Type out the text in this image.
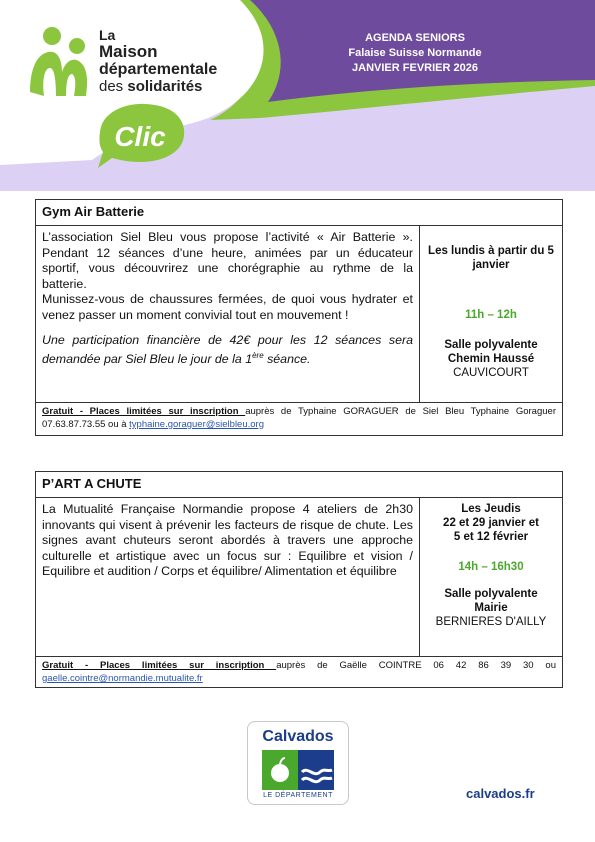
Clic
La
Maison
départementale
des solidarités
AGENDA SENIORS
Falaise Suisse Normande
JANVIER FEVRIER 2026
Gym Air Batterie

L’association Siel Bleu vous propose l’activité « Air Batterie ». Pendant 12 séances d’une heure, animées par un éducateur sportif, vous découvrirez une chorégraphie au rythme de la batterie.

Munissez-vous de chaussures fermées, de quoi vous hydrater et venez passer un moment convivial tout en mouvement !

Une participation financière de 42€ pour les 12 séances sera demandée par Siel Bleu le jour de la 1ère séance.

Les lundis à partir du 5 janvier
11h – 12h
Salle polyvalente
Chemin Haussé
CAUVICOURT
Gratuit - Places limitées sur inscription auprès de Typhaine GORAGUER de Siel Bleu Typhaine Goraguer 07.63.87.73.55 ou à typhaine.goraguer@sielbleu.org
P’ART A CHUTE

La Mutualité Française Normandie propose 4 ateliers de 2h30 innovants qui visent à prévenir les facteurs de risque de chute. Les signes avant chuteurs seront abordés à travers une approche culturelle et artistique avec un focus sur : Equilibre et vision / Equilibre et audition / Corps et équilibre/ Alimentation et équilibre

Les Jeudis
22 et 29 janvier et
5 et 12 février
14h – 16h30
Salle polyvalente
Mairie
BERNIERES D'AILLY
Gratuit - Places limitées sur inscription auprès de Gaëlle COINTRE 06 42 86 39 30 ou gaelle.cointre@normandie.mutualite.fr
Calvados
LE DÉPARTEMENT	calvados.fr
